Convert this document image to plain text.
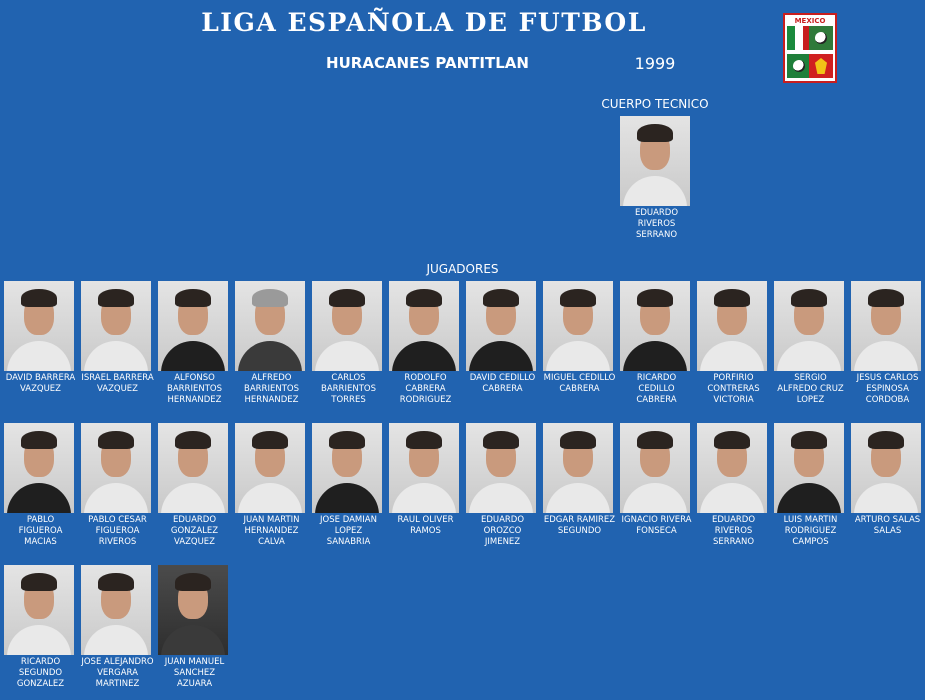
LIGA ESPAÑOLA DE FUTBOL
HURACANES PANTITLAN	1999
MEXICO
CUERPO TECNICO
EDUARDO RIVEROS SERRANO
JUGADORES
DAVID BARRERA VAZQUEZ
ISRAEL BARRERA VAZQUEZ
ALFONSO BARRIENTOS HERNANDEZ
ALFREDO BARRIENTOS HERNANDEZ
CARLOS BARRIENTOS TORRES
RODOLFO CABRERA RODRIGUEZ
DAVID CEDILLO CABRERA
MIGUEL CEDILLO CABRERA
RICARDO CEDILLO CABRERA
PORFIRIO CONTRERAS VICTORIA
SERGIO ALFREDO CRUZ LOPEZ
JESUS CARLOS ESPINOSA CORDOBA
PABLO FIGUEROA MACIAS
PABLO CESAR FIGUEROA RIVEROS
EDUARDO GONZALEZ VAZQUEZ
JUAN MARTIN HERNANDEZ CALVA
JOSE DAMIAN LOPEZ SANABRIA
RAUL OLIVER RAMOS
EDUARDO OROZCO JIMENEZ
EDGAR RAMIREZ SEGUNDO
IGNACIO RIVERA FONSECA
EDUARDO RIVEROS SERRANO
LUIS MARTIN RODRIGUEZ CAMPOS
ARTURO SALAS SALAS
RICARDO SEGUNDO GONZALEZ
JOSE ALEJANDRO VERGARA MARTINEZ
JUAN MANUEL SANCHEZ AZUARA
